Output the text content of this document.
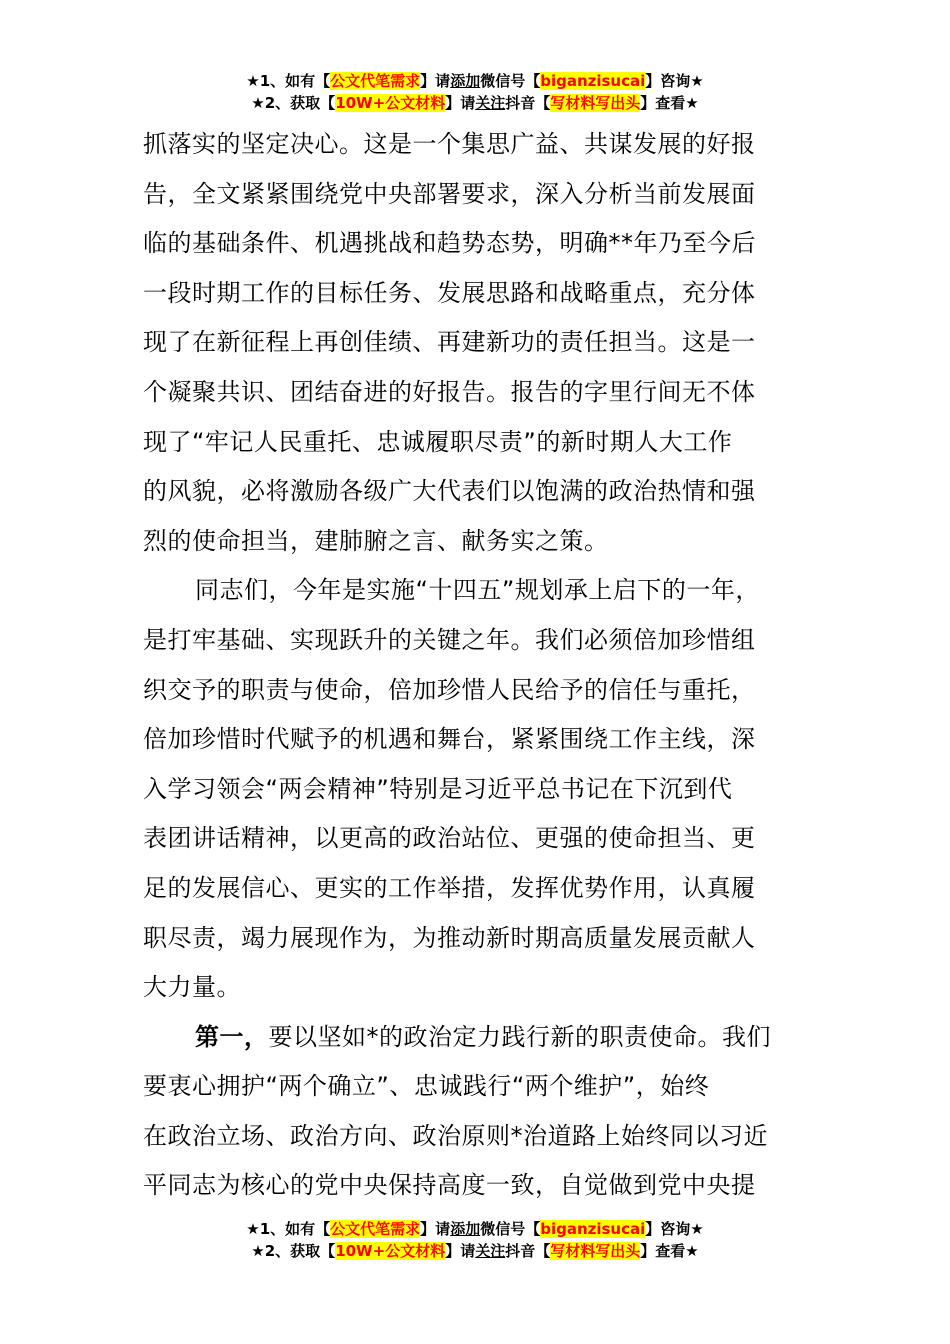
★1、如有【公文代笔需求】请添加微信号【biganzisucai】咨询★
★2、获取【10W+公文材料】请关注抖音【写材料写出头】查看★
抓落实的坚定决心。这是一个集思广益、共谋发展的好报
告，全文紧紧围绕党中央部署要求，深入分析当前发展面
临的基础条件、机遇挑战和趋势态势，明确**年乃至今后
一段时期工作的目标任务、发展思路和战略重点，充分体
现了在新征程上再创佳绩、再建新功的责任担当。这是一
个凝聚共识、团结奋进的好报告。报告的字里行间无不体
现了“牢记人民重托、忠诚履职尽责”的新时期人大工作
的风貌，必将激励各级广大代表们以饱满的政治热情和强
烈的使命担当，建肺腑之言、献务实之策。
同志们，今年是实施“十四五”规划承上启下的一年，
是打牢基础、实现跃升的关键之年。我们必须倍加珍惜组
织交予的职责与使命，倍加珍惜人民给予的信任与重托，
倍加珍惜时代赋予的机遇和舞台，紧紧围绕工作主线，深
入学习领会“两会精神”特别是习近平总书记在下沉到代
表团讲话精神，以更高的政治站位、更强的使命担当、更
足的发展信心、更实的工作举措，发挥优势作用，认真履
职尽责，竭力展现作为，为推动新时期高质量发展贡献人
大力量。
第一，要以坚如*的政治定力践行新的职责使命。我们
要衷心拥护“两个确立”、忠诚践行“两个维护”，始终
在政治立场、政治方向、政治原则*治道路上始终同以习近
平同志为核心的党中央保持高度一致，自觉做到党中央提
★1、如有【公文代笔需求】请添加微信号【biganzisucai】咨询★
★2、获取【10W+公文材料】请关注抖音【写材料写出头】查看★
